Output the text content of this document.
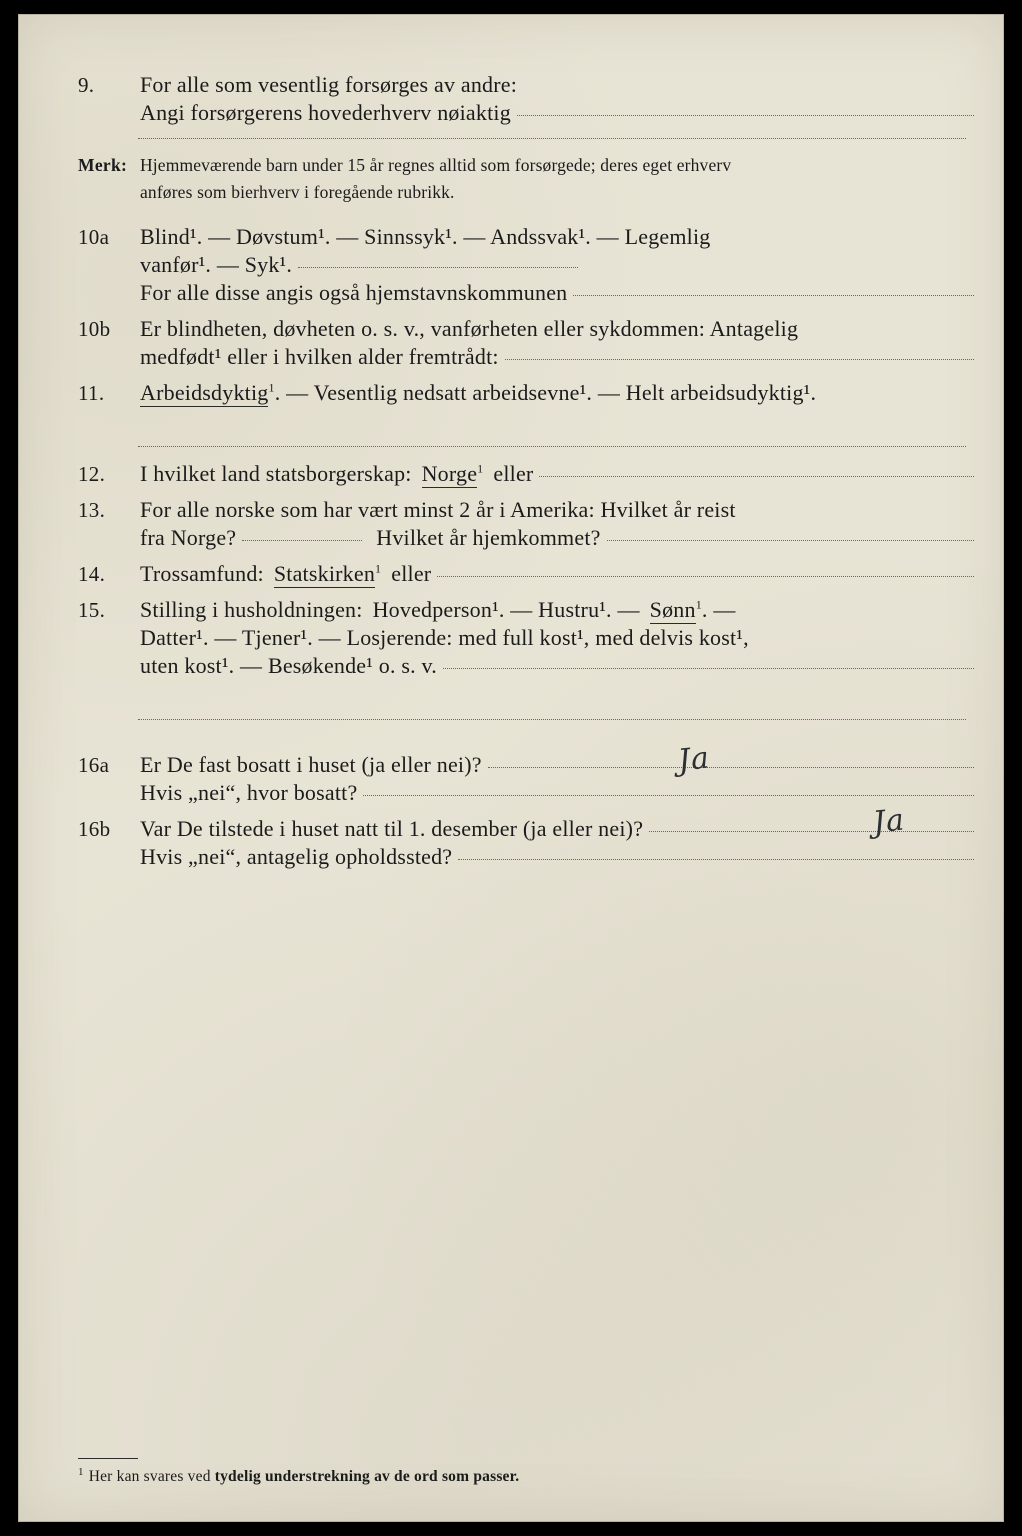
9.	For alle som vesentlig forsørges av andre:
Angi forsørgerens hovederhverv nøiaktig
Merk: Hjemmeværende barn under 15 år regnes alltid som forsørgede; deres eget erhverv
anføres som bierhverv i foregående rubrikk.
10a	Blind¹. — Døvstum¹. — Sinnssyk¹. — Andssvak¹. — Legemlig
vanfør¹. — Syk¹.
For alle disse angis også hjemstavnskommunen
10b	Er blindheten, døvheten o. s. v., vanførheten eller sykdommen: Antagelig
medfødt¹ eller i hvilken alder fremtrådt:
11.	Arbeidsdyktig$^1$. — Vesentlig nedsatt arbeidsevne¹. — Helt arbeidsudyktig¹.
12.	I hvilket land statsborgerskap: Norge$^1$ eller
13.	For alle norske som har vært minst 2 år i Amerika: Hvilket år reist
fra Norge?	Hvilket år hjemkommet?
14.	Trossamfund: Statskirken$^1$ eller
15.	Stilling i husholdningen: Hovedperson¹. — Hustru¹. — Sønn$^1$. —
Datter¹. — Tjener¹. — Losjerende: med full kost¹, med delvis kost¹,
uten kost¹. — Besøkende¹ o. s. v.
16a	Er De fast bosatt i huset (ja eller nei)?	Ja
Hvis „nei“, hvor bosatt?
16b	Var De tilstede i huset natt til 1. desember (ja eller nei)?	Ja
Hvis „nei“, antagelig opholdssted?
$^1$ Her kan svares ved tydelig understrekning av de ord som passer.
